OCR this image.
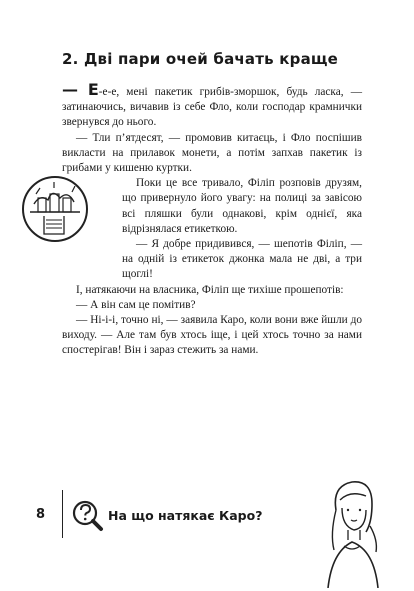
2. Дві пари очей бачать краще

— Е-е-е, мені пакетик грибів-зморшок, будь ласка, — затинаючись, вичавив із себе Фло, коли господар крамнички звернувся до нього.

— Тли п’ятдесят, — промовив китаєць, і Фло поспішив викласти на прилавок монети, а потім запхав пакетик із грибами у кишеню куртки.

Поки це все тривало, Філіп розповів друзям, що привернуло його увагу: на полиці за завісою всі пляшки були однакові, крім однієї, яка відрізнялася етикеткою.

— Я добре придивився, — шепотів Філіп, — на одній із етикеток джонка мала не дві, а три щоглі!

І, натякаючи на власника, Філіп ще тихіше прошепотів:

— А він сам це помітив?

— Ні-і-і, точно ні, — заявила Каро, коли вони вже йшли до виходу. — Але там був хтось іще, і цей хтось точно за нами спостерігав! Він і зараз стежить за нами.

8	На що натякає Каро?
